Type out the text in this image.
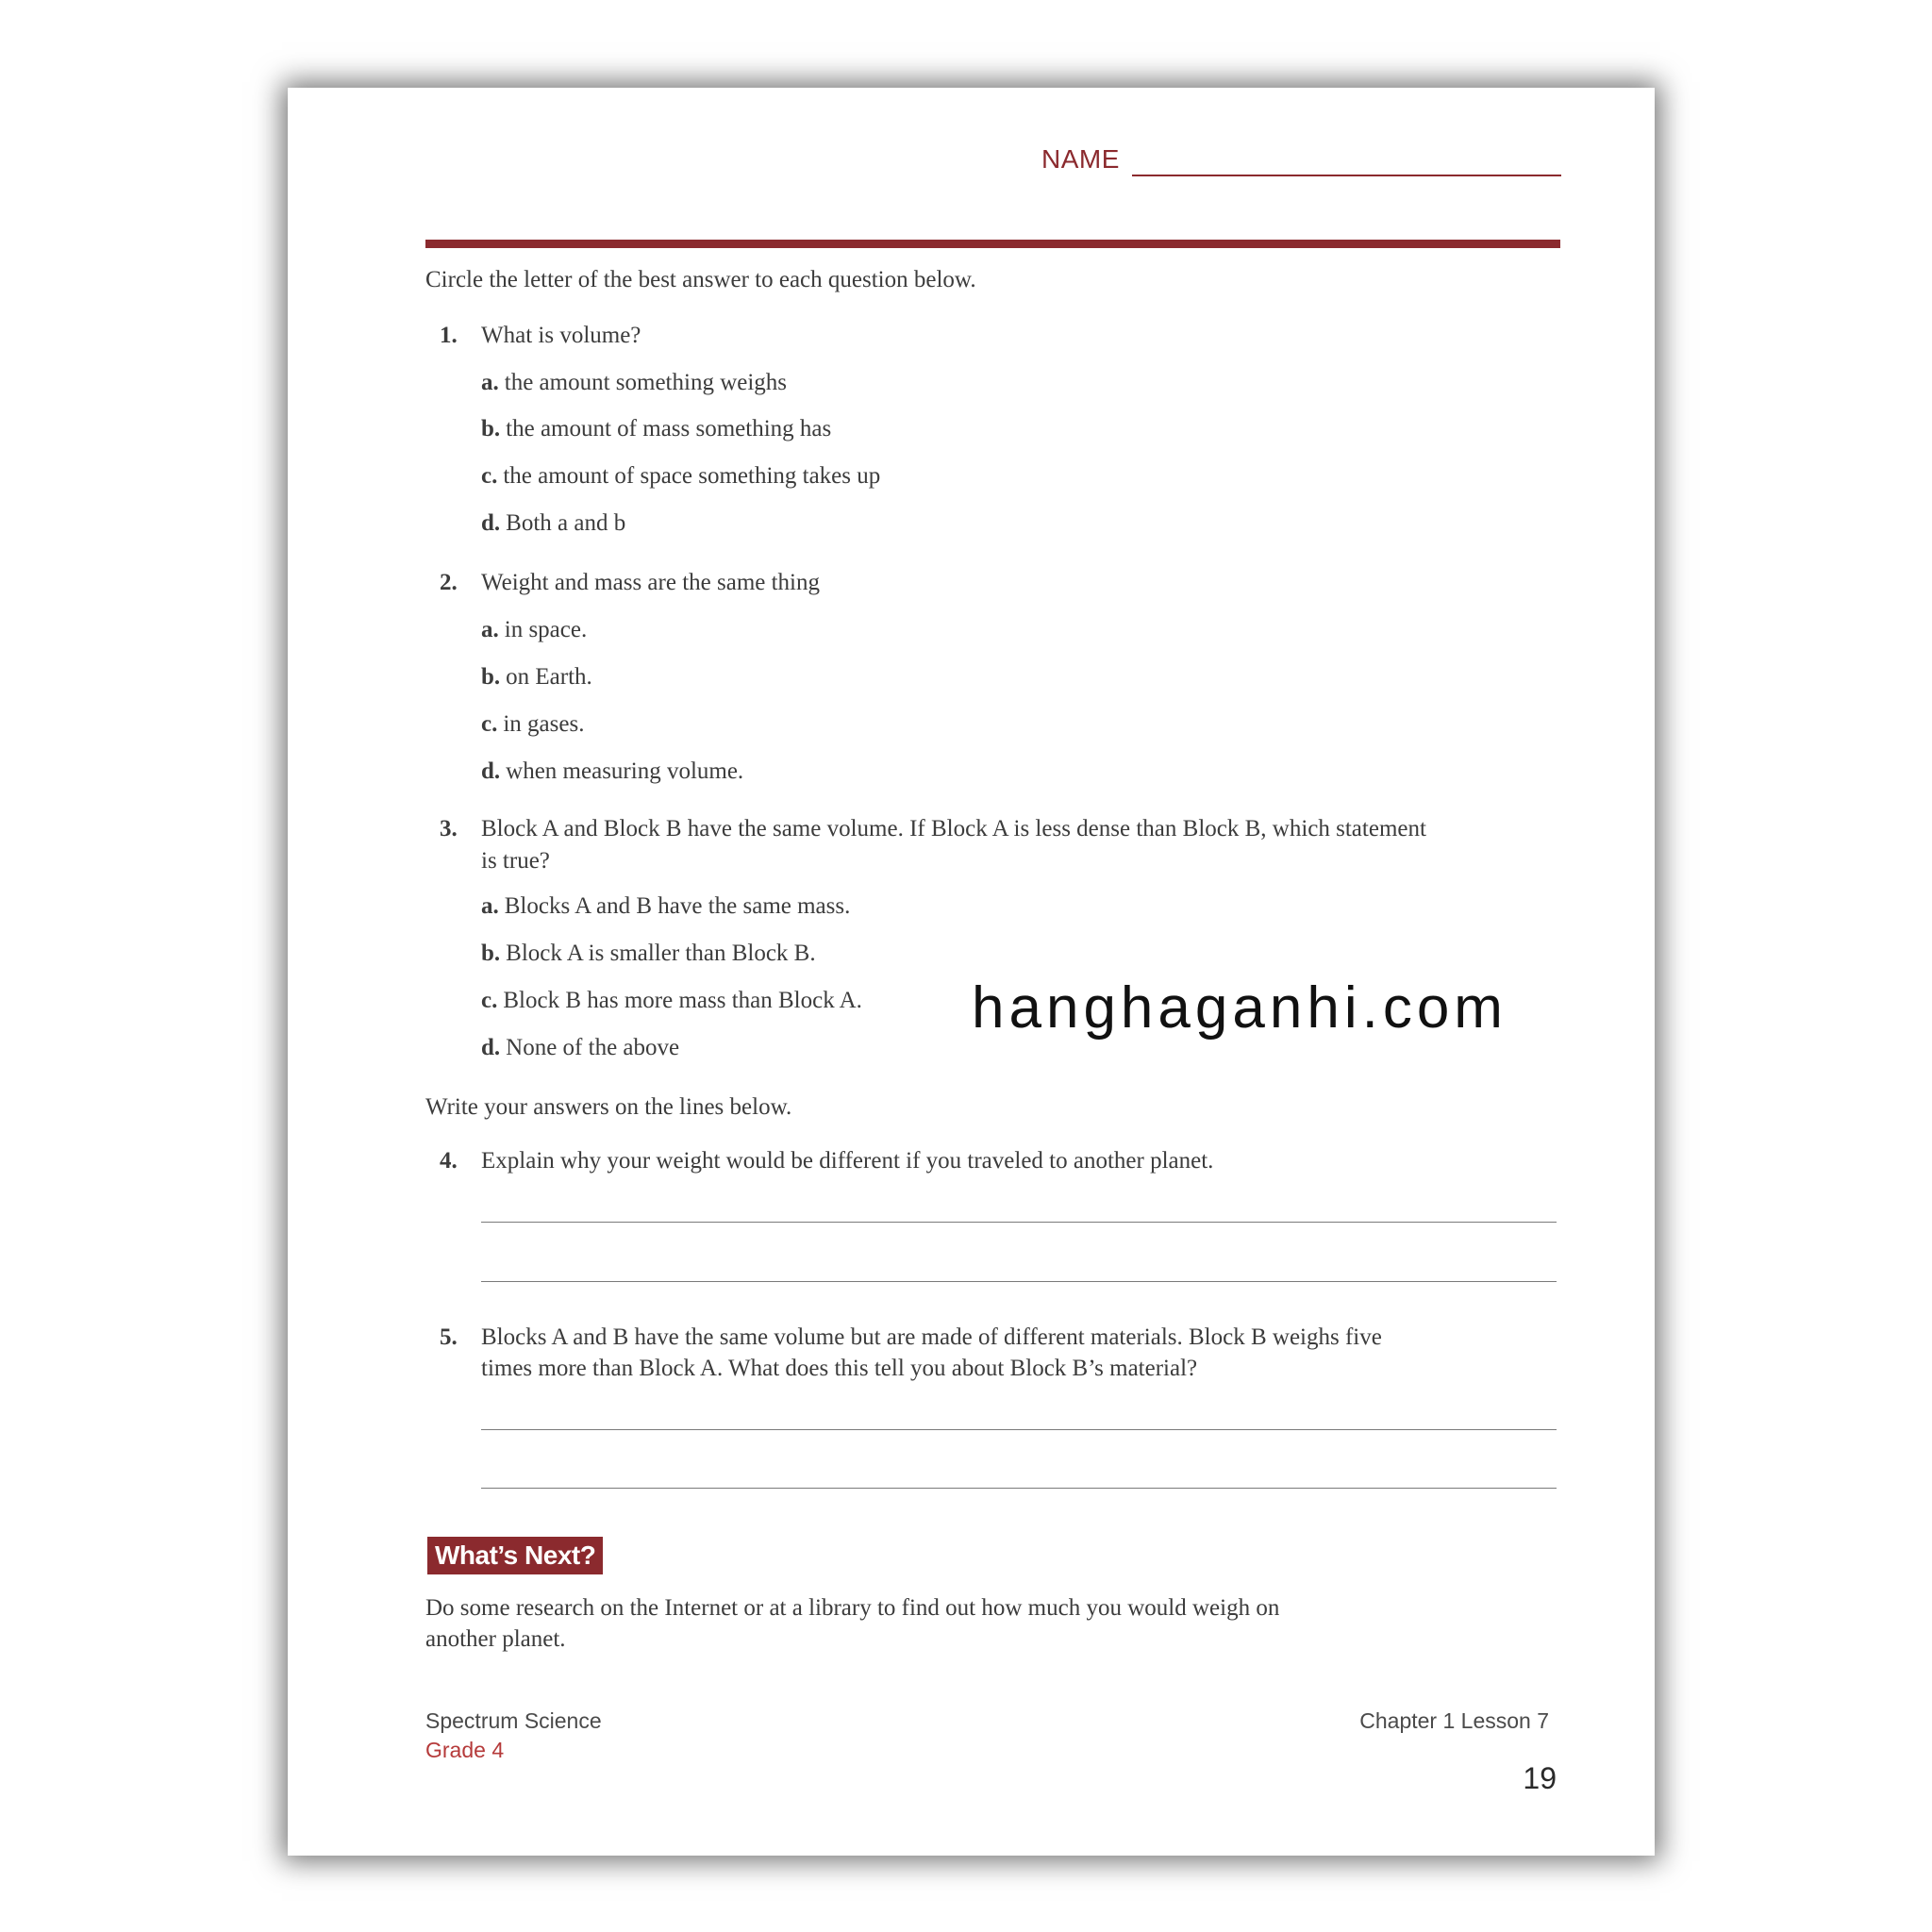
NAME
Circle the letter of the best answer to each question below.
1. What is volume?
a. the amount something weighs
b. the amount of mass something has
c. the amount of space something takes up
d. Both a and b
2. Weight and mass are the same thing
a. in space.
b. on Earth.
c. in gases.
d. when measuring volume.
3. Block A and Block B have the same volume. If Block A is less dense than Block B, which statement
is true?
a. Blocks A and B have the same mass.
b. Block A is smaller than Block B.
c. Block B has more mass than Block A.
d. None of the above
Write your answers on the lines below.
4. Explain why your weight would be different if you traveled to another planet.
5. Blocks A and B have the same volume but are made of different materials. Block B weighs five
times more than Block A. What does this tell you about Block B’s material?
What’s Next?
Do some research on the Internet or at a library to find out how much you would weigh on
another planet.
Spectrum Science
Grade 4
Chapter 1 Lesson 7
19
hanghaganhi.com
